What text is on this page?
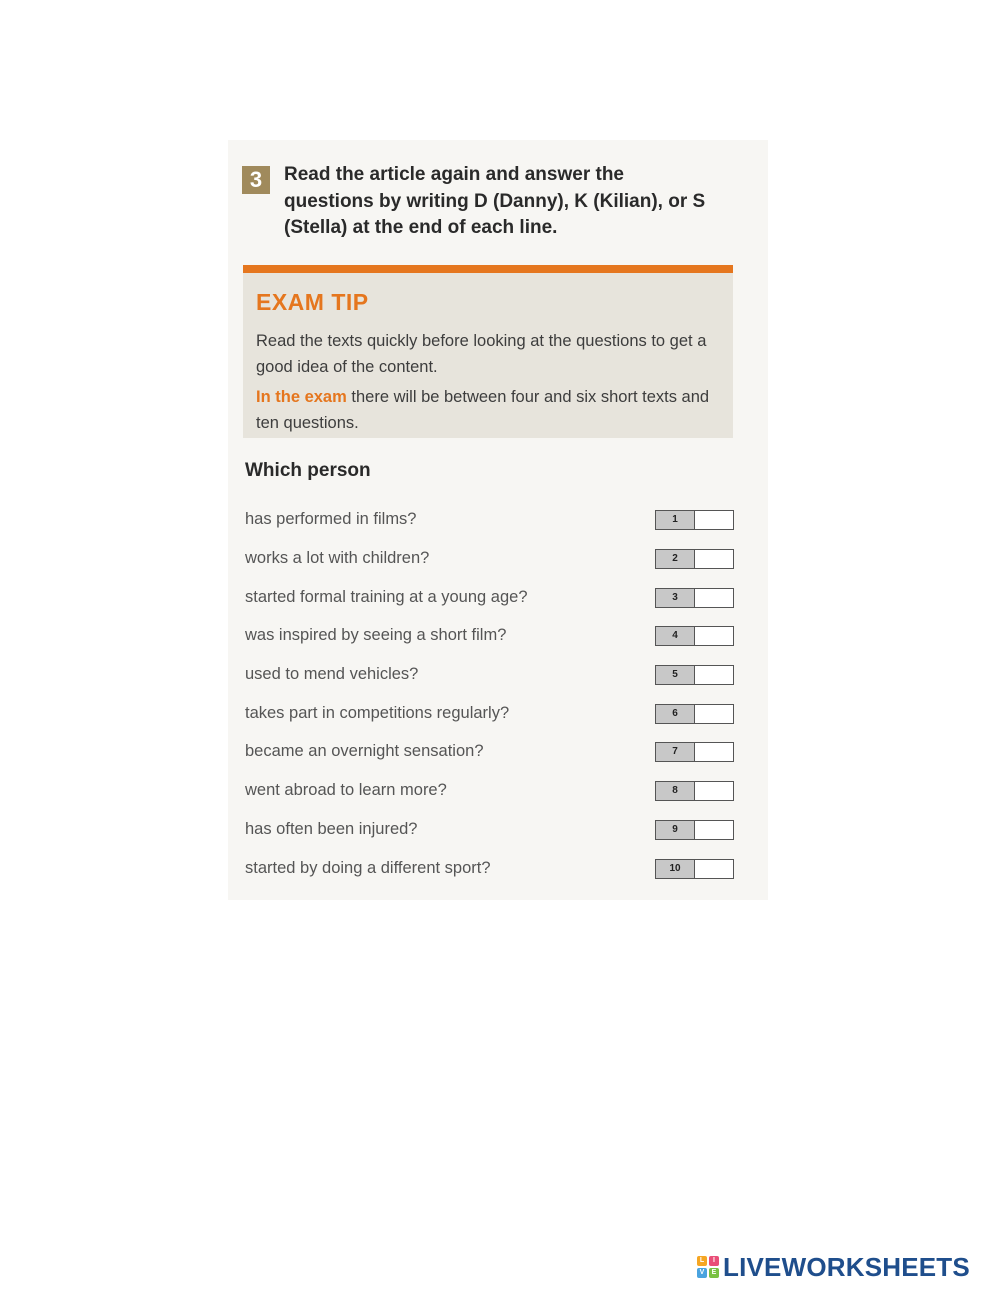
3	Read the article again and answer the questions by writing D (Danny), K (Kilian), or S (Stella) at the end of each line.

EXAM TIP

Read the texts quickly before looking at the questions to get a good idea of the content.

In the exam there will be between four and six short texts and ten questions.

Which person
has performed in films?	1
works a lot with children?	2
started formal training at a young age?	3
was inspired by seeing a short film?	4
used to mend vehicles?	5
takes part in competitions regularly?	6
became an overnight sensation?	7
went abroad to learn more?	8
has often been injured?	9
started by doing a different sport?	10
L	I
V	E LIVEWORKSHEETS
